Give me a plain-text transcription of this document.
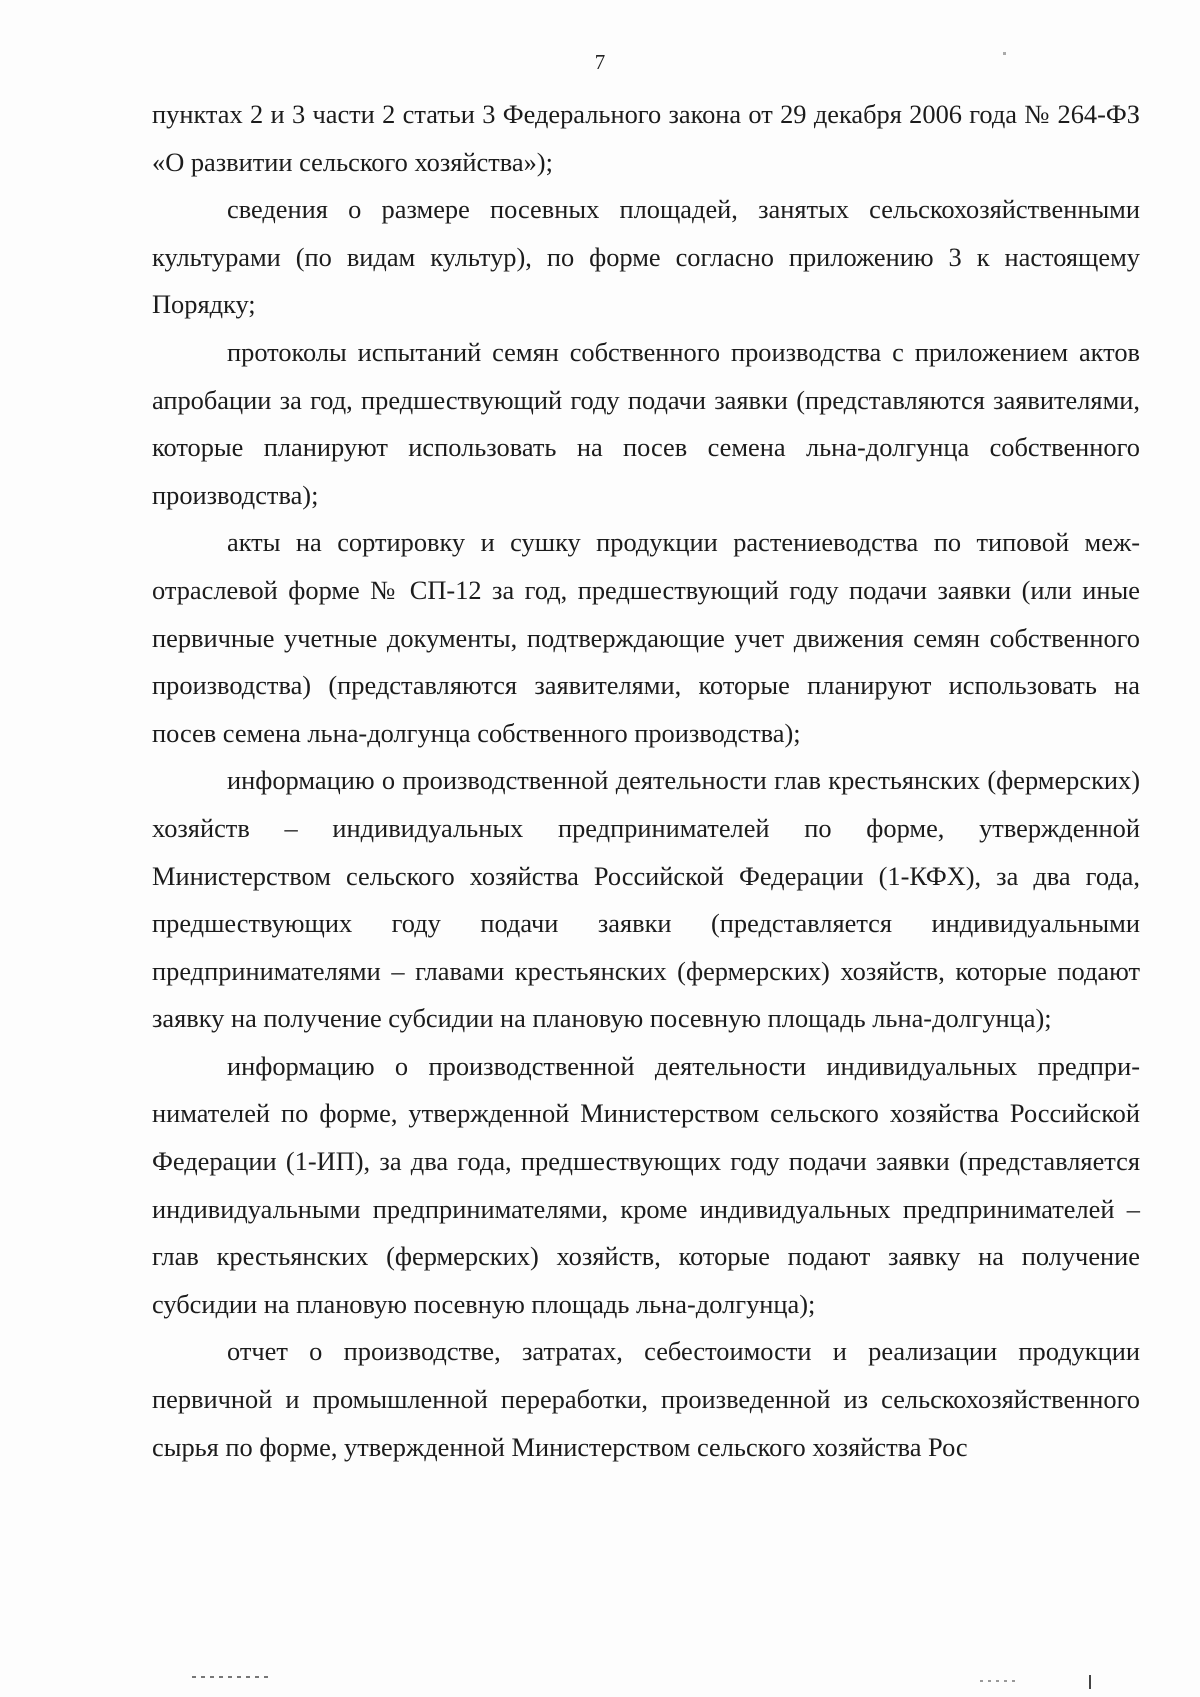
7

пунктах 2 и 3 части 2 статьи 3 Федерального закона от 29 декабря 2006 года № 264-ФЗ «О развитии сельского хозяйства»);

сведения о размере посевных площадей, занятых сельскохозяйственными культурами (по видам культур), по форме согласно приложению 3 к настоящему Порядку;

протоколы испытаний семян собственного производства с приложением актов апробации за год, предшествующий году подачи заявки (представляются заявителями, которые планируют использовать на посев семена льна-долгунца собственного производства);

акты на сортировку и сушку продукции растениеводства по типовой межотраслевой форме № СП-12 за год, предшествующий году подачи заявки (или иные первичные учетные документы, подтверждающие учет движения семян собственного производства) (представляются заявителями, которые планируют использовать на посев семена льна-долгунца собственного производства);

информацию о производственной деятельности глав крестьянских (фермерских) хозяйств – индивидуальных предпринимателей по форме, утвержденной Министерством сельского хозяйства Российской Федерации (1-КФХ), за два года, предшествующих году подачи заявки (представляется индивидуальными предпринимателями – главами крестьянских (фермерских) хозяйств, которые подают заявку на получение субсидии на плановую посевную площадь льна-долгунца);

информацию о производственной деятельности индивидуальных предпринимателей по форме, утвержденной Министерством сельского хозяйства Российской Федерации (1-ИП), за два года, предшествующих году подачи заявки (представляется индивидуальными предпринимателями, кроме индивидуальных предпринимателей – глав крестьянских (фермерских) хозяйств, которые подают заявку на получение субсидии на плановую посевную площадь льна-долгунца);

отчет о производстве, затратах, себестоимости и реализации продукции первичной и промышленной переработки, произведенной из сельскохозяйственного сырья по форме, утвержденной Министерством сельского хозяйства Рос
